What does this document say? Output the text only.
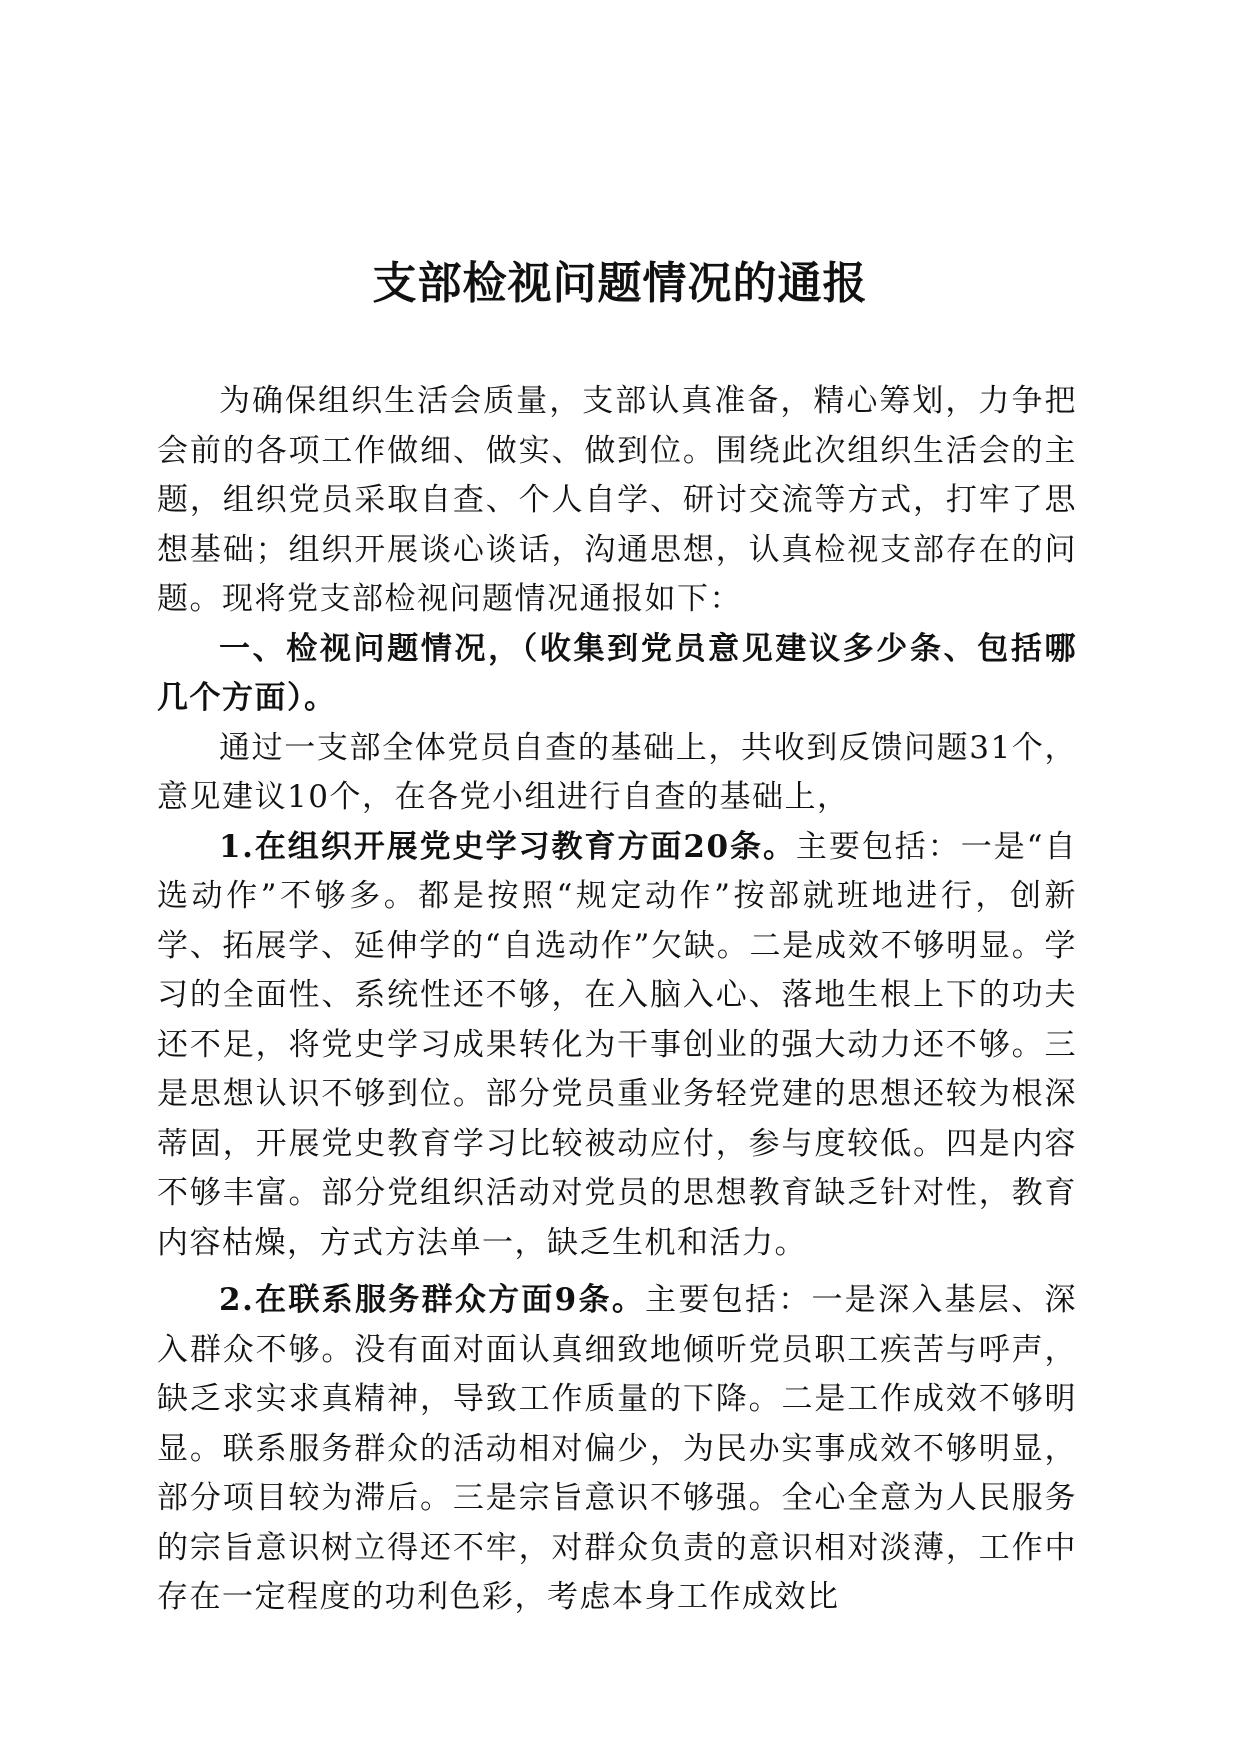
支部检视问题情况的通报

为确保组织生活会质量，支部认真准备，精心筹划，力争把会前的各项工作做细、做实、做到位。围绕此次组织生活会的主题，组织党员采取自查、个人自学、研讨交流等方式，打牢了思想基础；组织开展谈心谈话，沟通思想，认真检视支部存在的问题。现将党支部检视问题情况通报如下：

一、检视问题情况，（收集到党员意见建议多少条、包括哪几个方面）。

通过一支部全体党员自查的基础上，共收到反馈问题31个，意见建议10个，在各党小组进行自查的基础上，

1.在组织开展党史学习教育方面20条。主要包括：一是“自选动作”不够多。都是按照“规定动作”按部就班地进行，创新学、拓展学、延伸学的“自选动作”欠缺。二是成效不够明显。学习的全面性、系统性还不够，在入脑入心、落地生根上下的功夫还不足，将党史学习成果转化为干事创业的强大动力还不够。三是思想认识不够到位。部分党员重业务轻党建的思想还较为根深蒂固，开展党史教育学习比较被动应付，参与度较低。四是内容不够丰富。部分党组织活动对党员的思想教育缺乏针对性，教育内容枯燥，方式方法单一，缺乏生机和活力。

2.在联系服务群众方面9条。主要包括：一是深入基层、深入群众不够。没有面对面认真细致地倾听党员职工疾苦与呼声，缺乏求实求真精神，导致工作质量的下降。二是工作成效不够明显。联系服务群众的活动相对偏少，为民办实事成效不够明显，部分项目较为滞后。三是宗旨意识不够强。全心全意为人民服务的宗旨意识树立得还不牢，对群众负责的意识相对淡薄，工作中存在一定程度的功利色彩，考虑本身工作成效比
